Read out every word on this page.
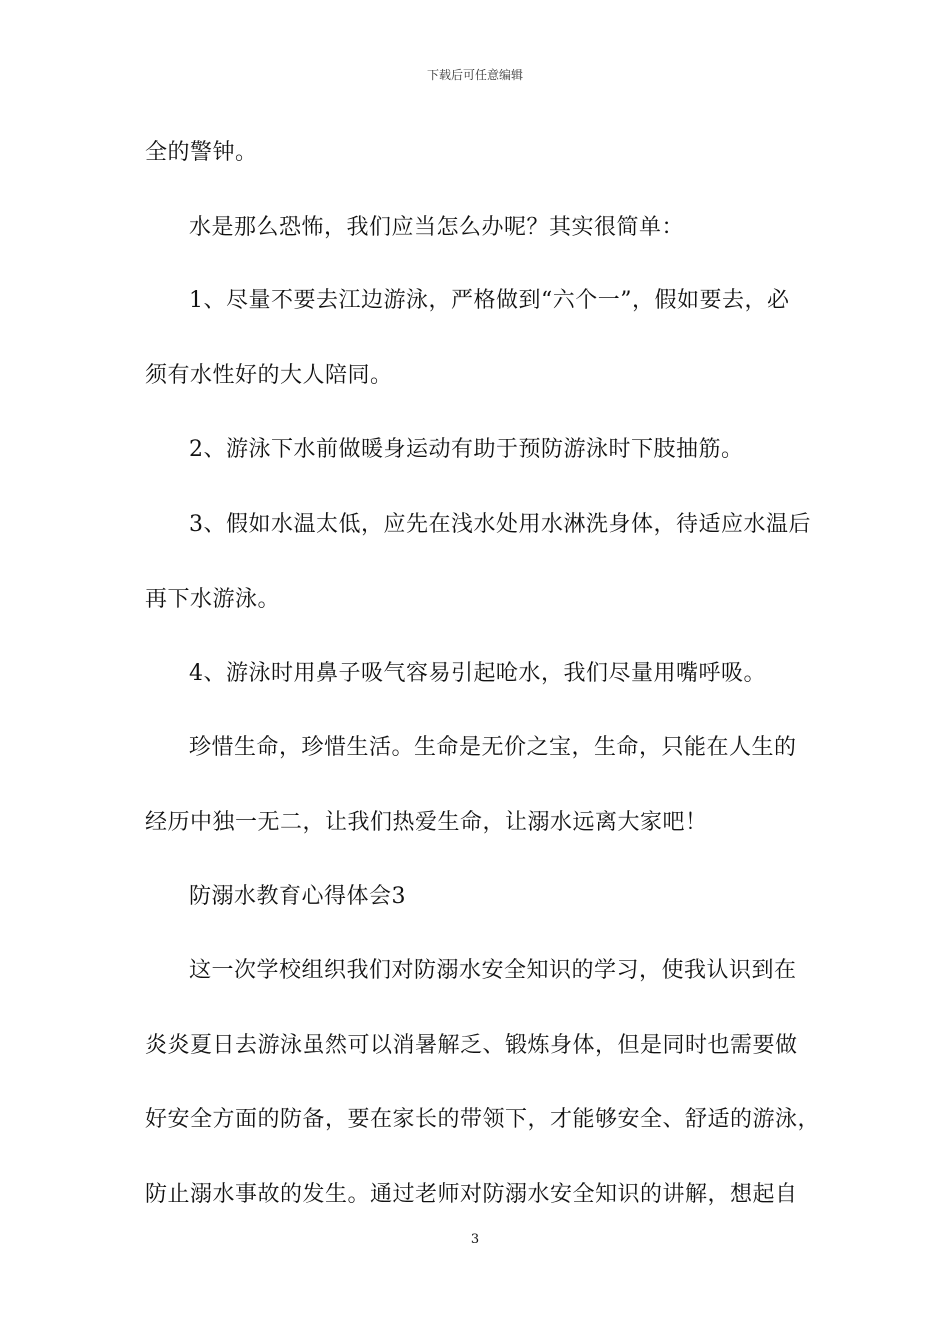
下载后可任意编辑
全的警钟。
水是那么恐怖，我们应当怎么办呢？其实很简单：
1、尽量不要去江边游泳，严格做到“六个一”，假如要去，必
须有水性好的大人陪同。
2、游泳下水前做暖身运动有助于预防游泳时下肢抽筋。
3、假如水温太低，应先在浅水处用水淋洗身体，待适应水温后
再下水游泳。
4、游泳时用鼻子吸气容易引起呛水，我们尽量用嘴呼吸。
珍惜生命，珍惜生活。生命是无价之宝，生命，只能在人生的
经历中独一无二，让我们热爱生命，让溺水远离大家吧！
防溺水教育心得体会3
这一次学校组织我们对防溺水安全知识的学习，使我认识到在
炎炎夏日去游泳虽然可以消暑解乏、锻炼身体，但是同时也需要做
好安全方面的防备，要在家长的带领下，才能够安全、舒适的游泳，
防止溺水事故的发生。通过老师对防溺水安全知识的讲解，想起自
3
